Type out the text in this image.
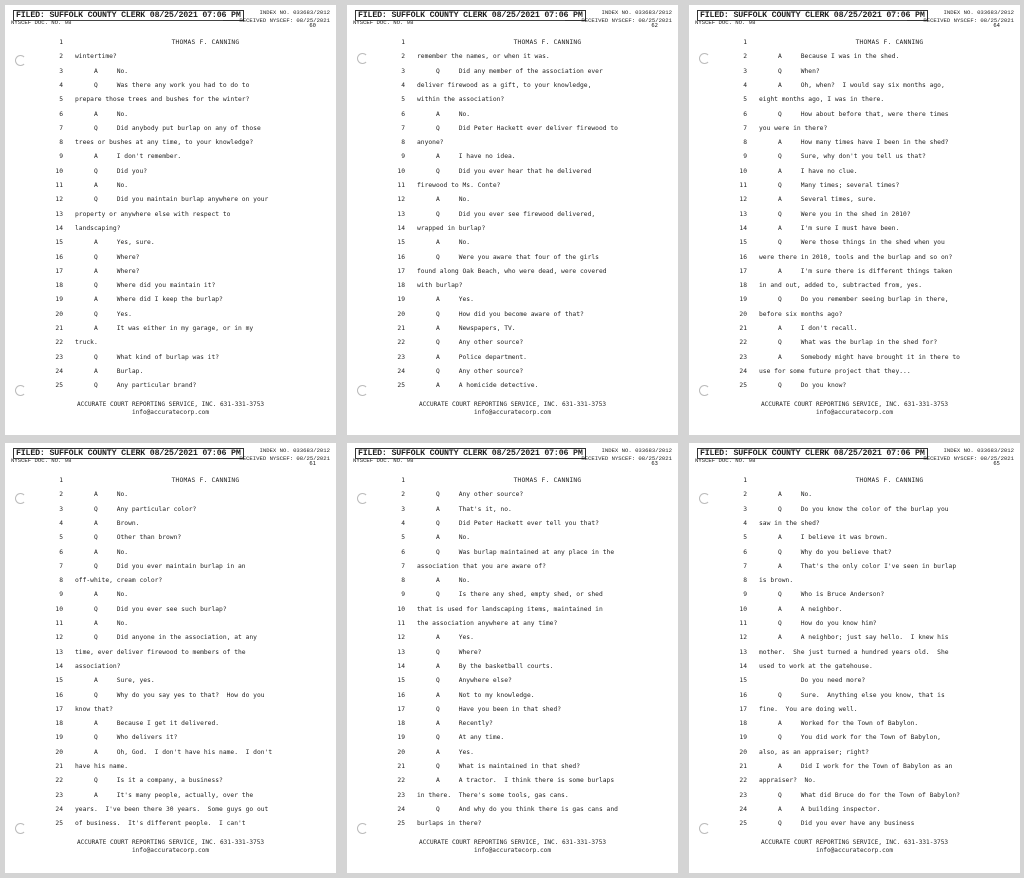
FILED: SUFFOLK COUNTY CLERK 08/25/2021 07:06 PM	INDEX NO. 033683/2012
NYSCEF DOC. NO. 98	RECEIVED NYSCEF: 08/25/2021
60
1	THOMAS F. CANNING
2 wintertime?
3 A     No.
4 Q     Was there any work you had to do to
5 prepare those trees and bushes for the winter?
6 A     No.
7 Q     Did anybody put burlap on any of those
8 trees or bushes at any time, to your knowledge?
9 A     I don't remember.
10 Q     Did you?
11 A     No.
12 Q     Did you maintain burlap anywhere on your
13 property or anywhere else with respect to
14 landscaping?
15 A     Yes, sure.
16 Q     Where?
17 A     Where?
18 Q     Where did you maintain it?
19 A     Where did I keep the burlap?
20 Q     Yes.
21 A     It was either in my garage, or in my
22 truck.
23 Q     What kind of burlap was it?
24 A     Burlap.
25 Q     Any particular brand?
ACCURATE COURT REPORTING SERVICE, INC. 631-331-3753
info@accuratecorp.com
FILED: SUFFOLK COUNTY CLERK 08/25/2021 07:06 PM	INDEX NO. 033683/2012
NYSCEF DOC. NO. 98	RECEIVED NYSCEF: 08/25/2021
62
1	THOMAS F. CANNING
2 remember the names, or when it was.
3 Q     Did any member of the association ever
4 deliver firewood as a gift, to your knowledge,
5 within the association?
6 A     No.
7 Q     Did Peter Hackett ever deliver firewood to
8 anyone?
9 A     I have no idea.
10 Q     Did you ever hear that he delivered
11 firewood to Ms. Conte?
12 A     No.
13 Q     Did you ever see firewood delivered,
14 wrapped in burlap?
15 A     No.
16 Q     Were you aware that four of the girls
17 found along Oak Beach, who were dead, were covered
18 with burlap?
19 A     Yes.
20 Q     How did you become aware of that?
21 A     Newspapers, TV.
22 Q     Any other source?
23 A     Police department.
24 Q     Any other source?
25 A     A homicide detective.
ACCURATE COURT REPORTING SERVICE, INC. 631-331-3753
info@accuratecorp.com
FILED: SUFFOLK COUNTY CLERK 08/25/2021 07:06 PM	INDEX NO. 033683/2012
NYSCEF DOC. NO. 98	RECEIVED NYSCEF: 08/25/2021
64
1	THOMAS F. CANNING
2 A     Because I was in the shed.
3 Q     When?
4 A     Oh, when?  I would say six months ago,
5 eight months ago, I was in there.
6 Q     How about before that, were there times
7 you were in there?
8 A     How many times have I been in the shed?
9 Q     Sure, why don't you tell us that?
10 A     I have no clue.
11 Q     Many times; several times?
12 A     Several times, sure.
13 Q     Were you in the shed in 2010?
14 A     I'm sure I must have been.
15 Q     Were those things in the shed when you
16 were there in 2010, tools and the burlap and so on?
17 A     I'm sure there is different things taken
18 in and out, added to, subtracted from, yes.
19 Q     Do you remember seeing burlap in there,
20 before six months ago?
21 A     I don't recall.
22 Q     What was the burlap in the shed for?
23 A     Somebody might have brought it in there to
24 use for some future project that they...
25 Q     Do you know?
ACCURATE COURT REPORTING SERVICE, INC. 631-331-3753
info@accuratecorp.com
FILED: SUFFOLK COUNTY CLERK 08/25/2021 07:06 PM	INDEX NO. 033683/2012
NYSCEF DOC. NO. 98	RECEIVED NYSCEF: 08/25/2021
61
1	THOMAS F. CANNING
2 A     No.
3 Q     Any particular color?
4 A     Brown.
5 Q     Other than brown?
6 A     No.
7 Q     Did you ever maintain burlap in an
8 off-white, cream color?
9 A     No.
10 Q     Did you ever see such burlap?
11 A     No.
12 Q     Did anyone in the association, at any
13 time, ever deliver firewood to members of the
14 association?
15 A     Sure, yes.
16 Q     Why do you say yes to that?  How do you
17 know that?
18 A     Because I get it delivered.
19 Q     Who delivers it?
20 A     Oh, God.  I don't have his name.  I don't
21 have his name.
22 Q     Is it a company, a business?
23 A     It's many people, actually, over the
24 years.  I've been there 30 years.  Some guys go out
25 of business.  It's different people.  I can't
ACCURATE COURT REPORTING SERVICE, INC. 631-331-3753
info@accuratecorp.com
FILED: SUFFOLK COUNTY CLERK 08/25/2021 07:06 PM	INDEX NO. 033683/2012
NYSCEF DOC. NO. 98	RECEIVED NYSCEF: 08/25/2021
63
1	THOMAS F. CANNING
2 Q     Any other source?
3 A     That's it, no.
4 Q     Did Peter Hackett ever tell you that?
5 A     No.
6 Q     Was burlap maintained at any place in the
7 association that you are aware of?
8 A     No.
9 Q     Is there any shed, empty shed, or shed
10 that is used for landscaping items, maintained in
11 the association anywhere at any time?
12 A     Yes.
13 Q     Where?
14 A     By the basketball courts.
15 Q     Anywhere else?
16 A     Not to my knowledge.
17 Q     Have you been in that shed?
18 A     Recently?
19 Q     At any time.
20 A     Yes.
21 Q     What is maintained in that shed?
22 A     A tractor.  I think there is some burlaps
23 in there.  There's some tools, gas cans.
24 Q     And why do you think there is gas cans and
25 burlaps in there?
ACCURATE COURT REPORTING SERVICE, INC. 631-331-3753
info@accuratecorp.com
FILED: SUFFOLK COUNTY CLERK 08/25/2021 07:06 PM	INDEX NO. 033683/2012
NYSCEF DOC. NO. 98	RECEIVED NYSCEF: 08/25/2021
65
1	THOMAS F. CANNING
2 A     No.
3 Q     Do you know the color of the burlap you
4 saw in the shed?
5 A     I believe it was brown.
6 Q     Why do you believe that?
7 A     That's the only color I've seen in burlap
8 is brown.
9 Q     Who is Bruce Anderson?
10 A     A neighbor.
11 Q     How do you know him?
12 A     A neighbor; just say hello.  I knew his
13 mother.  She just turned a hundred years old.  She
14 used to work at the gatehouse.
15 Do you need more?
16 Q     Sure.  Anything else you know, that is
17 fine.  You are doing well.
18 A     Worked for the Town of Babylon.
19 Q     You did work for the Town of Babylon,
20 also, as an appraiser; right?
21 A     Did I work for the Town of Babylon as an
22 appraiser?  No.
23 Q     What did Bruce do for the Town of Babylon?
24 A     A building inspector.
25 Q     Did you ever have any business
ACCURATE COURT REPORTING SERVICE, INC. 631-331-3753
info@accuratecorp.com
